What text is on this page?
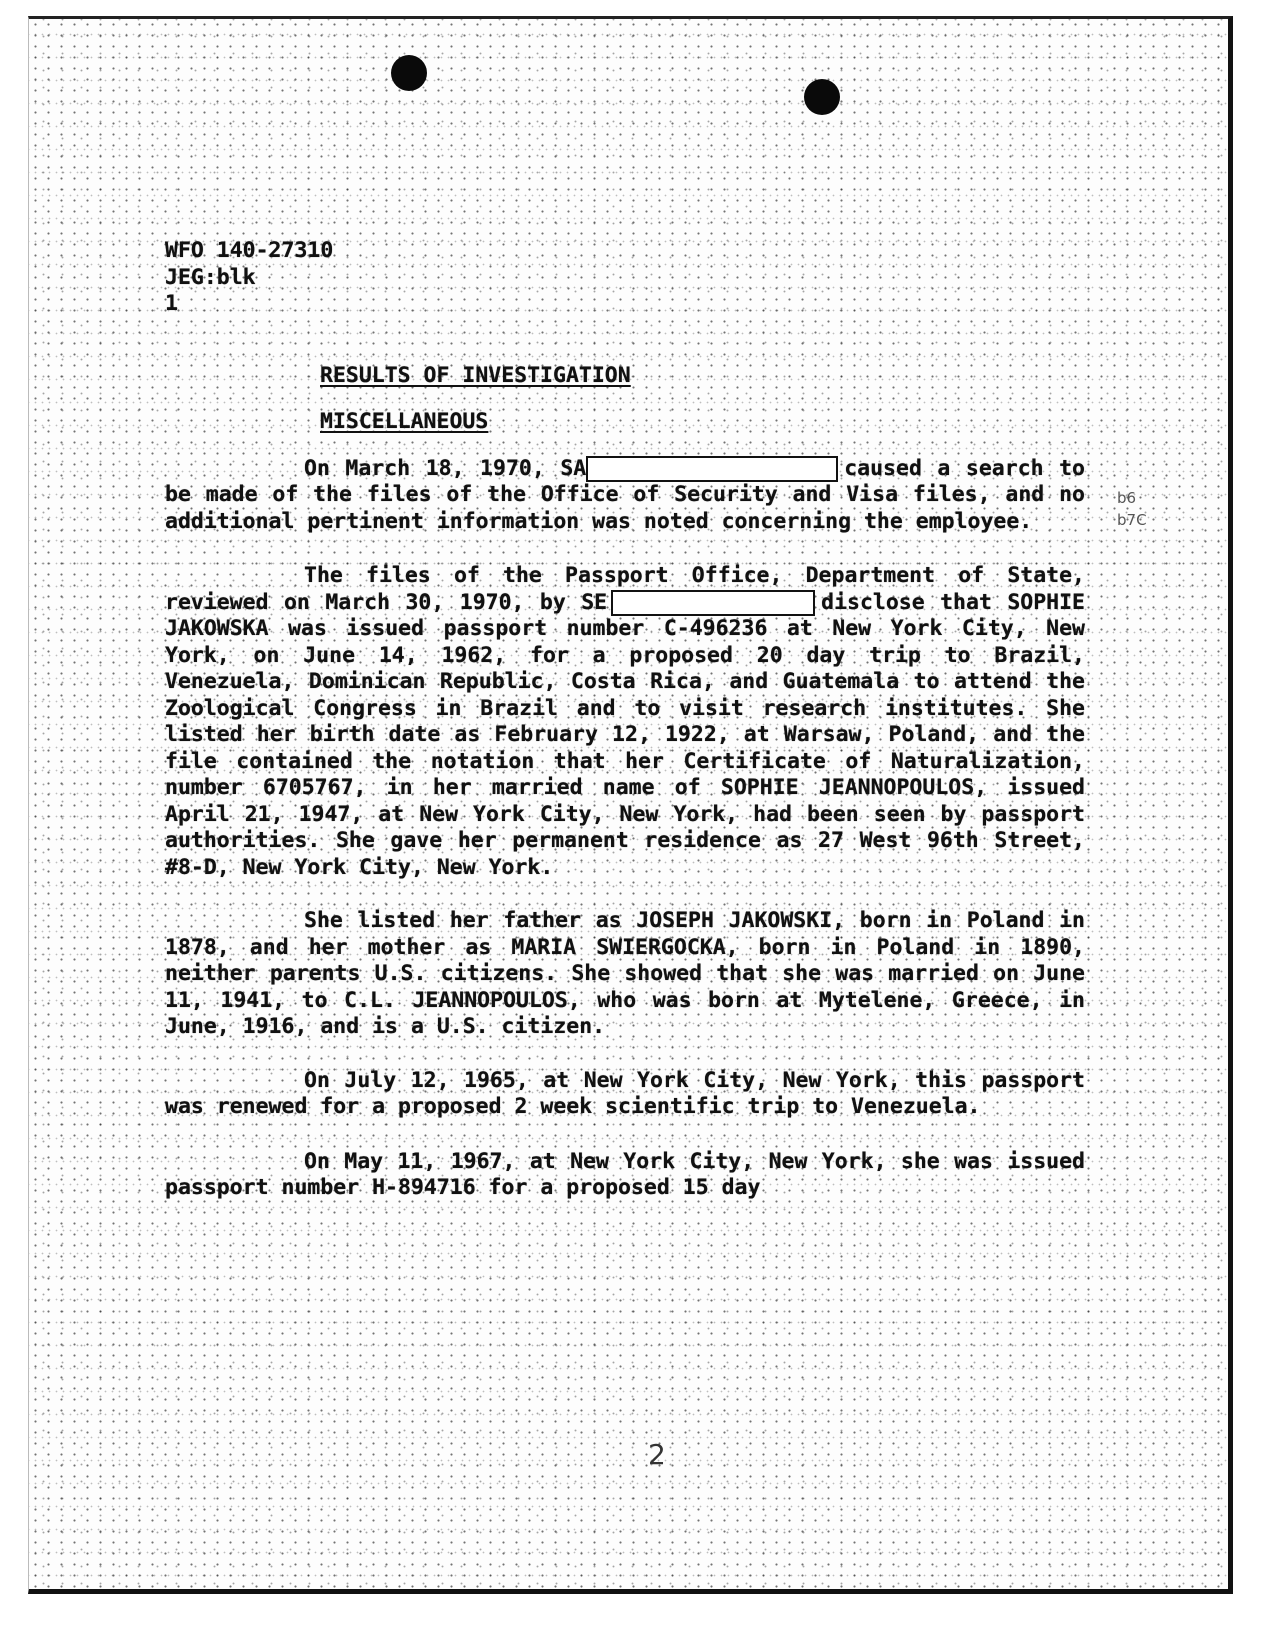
WFO 140-27310
JEG:blk
1
RESULTS OF INVESTIGATION
MISCELLANEOUS

On March 18, 1970, SA	caused a search to be made of the files of the Office of Security and Visa files, and no additional pertinent information was noted concerning the employee.

The files of the Passport Office, Department of State, reviewed on March 30, 1970, by SE	disclose that SOPHIE JAKOWSKA was issued passport number C-496236 at New York City, New York, on June 14, 1962, for a proposed 20 day trip to Brazil, Venezuela, Dominican Republic, Costa Rica, and Guatemala to attend the Zoological Congress in Brazil and to visit research institutes. She listed her birth date as February 12, 1922, at Warsaw, Poland, and the file contained the notation that her Certificate of Naturalization, number 6705767, in her married name of SOPHIE JEANNOPOULOS, issued April 21, 1947, at New York City, New York, had been seen by passport authorities. She gave her permanent residence as 27 West 96th Street, #8-D, New York City, New York.

She listed her father as JOSEPH JAKOWSKI, born in Poland in 1878, and her mother as MARIA SWIERGOCKA, born in Poland in 1890, neither parents U.S. citizens. She showed that she was married on June 11, 1941, to C.L. JEANNOPOULOS, who was born at Mytelene, Greece, in June, 1916, and is a U.S. citizen.

On July 12, 1965, at New York City, New York, this passport was renewed for a proposed 2 week scientific trip to Venezuela.

On May 11, 1967, at New York City, New York, she was issued passport number H-894716 for a proposed 15 day

b6
b7C
2
